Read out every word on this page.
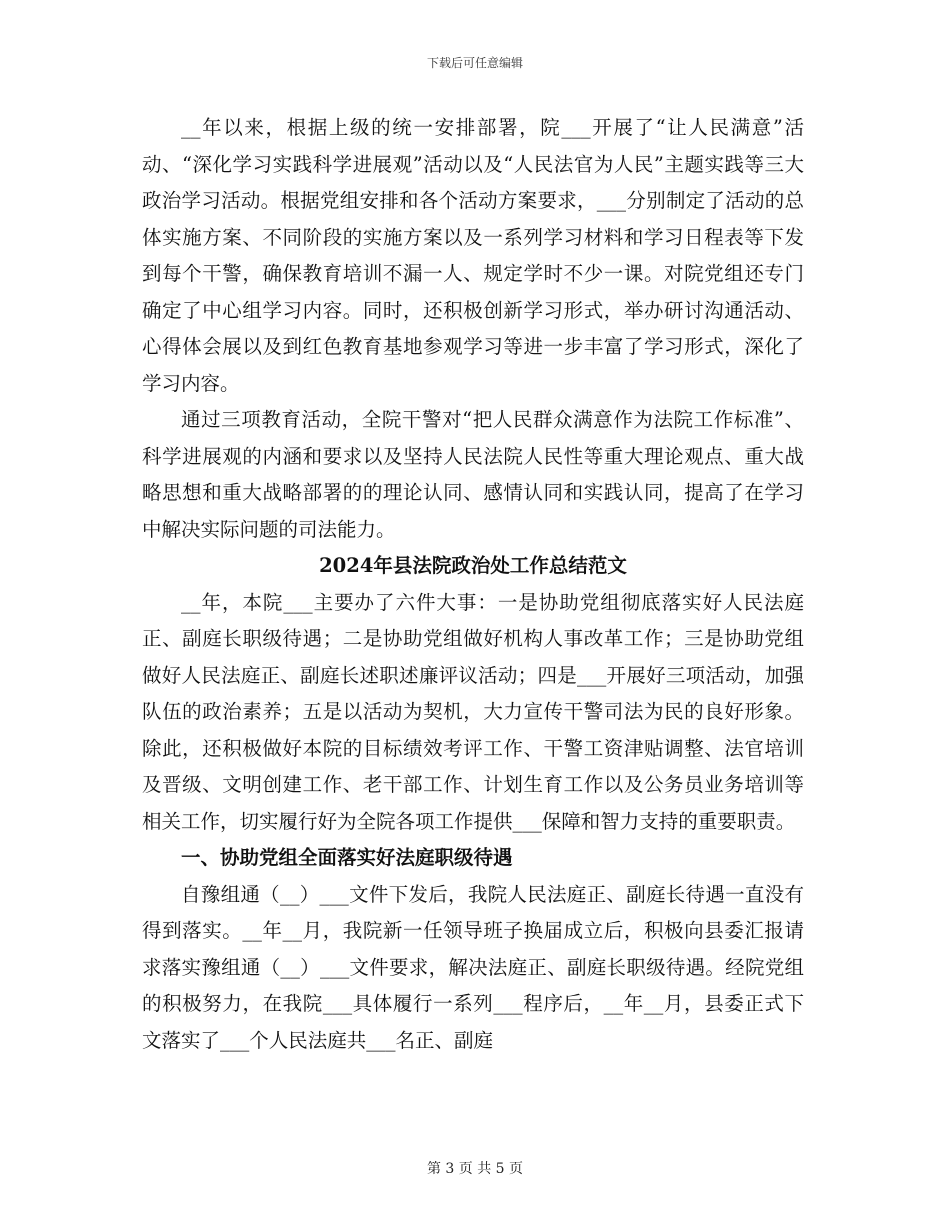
下载后可任意编辑

__年以来，根据上级的统一安排部署，院___开展了“让人民满意”活动、“深化学习实践科学进展观”活动以及“人民法官为人民”主题实践等三大政治学习活动。根据党组安排和各个活动方案要求，___分别制定了活动的总体实施方案、不同阶段的实施方案以及一系列学习材料和学习日程表等下发到每个干警，确保教育培训不漏一人、规定学时不少一课。对院党组还专门确定了中心组学习内容。同时，还积极创新学习形式，举办研讨沟通活动、心得体会展以及到红色教育基地参观学习等进一步丰富了学习形式，深化了学习内容。

通过三项教育活动，全院干警对“把人民群众满意作为法院工作标准”、科学进展观的内涵和要求以及坚持人民法院人民性等重大理论观点、重大战略思想和重大战略部署的的理论认同、感情认同和实践认同，提高了在学习中解决实际问题的司法能力。

2024年县法院政治处工作总结范文

__年，本院___主要办了六件大事：一是协助党组彻底落实好人民法庭正、副庭长职级待遇；二是协助党组做好机构人事改革工作；三是协助党组做好人民法庭正、副庭长述职述廉评议活动；四是___开展好三项活动，加强队伍的政治素养；五是以活动为契机，大力宣传干警司法为民的良好形象。除此，还积极做好本院的目标绩效考评工作、干警工资津贴调整、法官培训及晋级、文明创建工作、老干部工作、计划生育工作以及公务员业务培训等相关工作，切实履行好为全院各项工作提供___保障和智力支持的重要职责。

一、协助党组全面落实好法庭职级待遇

自豫组通（__）___文件下发后，我院人民法庭正、副庭长待遇一直没有得到落实。__年__月，我院新一任领导班子换届成立后，积极向县委汇报请求落实豫组通（__）___文件要求，解决法庭正、副庭长职级待遇。经院党组的积极努力，在我院___具体履行一系列___程序后，__年__月，县委正式下文落实了___个人民法庭共___名正、副庭

第 3 页 共 5 页
